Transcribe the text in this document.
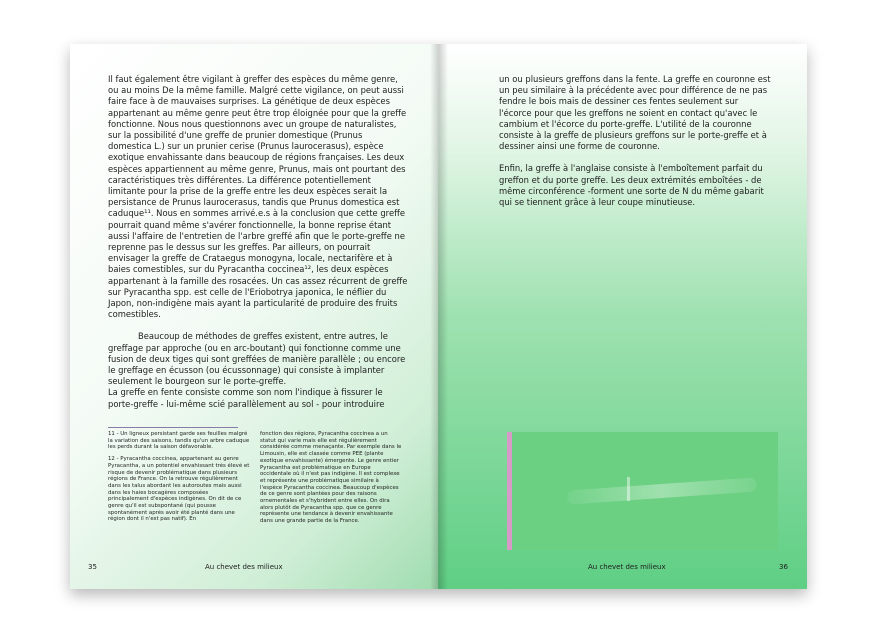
Il faut également être vigilant à greffer des espèces du même genre, ou au moins De la même famille. Malgré cette vigilance, on peut aussi faire face à de mauvaises surprises. La génétique de deux espèces appartenant au même genre peut être trop éloignée pour que la greffe fonctionne. Nous nous questionnons avec un groupe de naturalistes, sur la possibilité d'une greffe de prunier domestique (Prunus domestica L.) sur un prunier cerise (Prunus laurocerasus), espèce exotique envahissante dans beaucoup de régions françaises. Les deux espèces appartiennent au même genre, Prunus, mais ont pourtant des caractéristiques très différentes. La différence potentiellement limitante pour la prise de la greffe entre les deux espèces serait la persistance de Prunus laurocerasus, tandis que Prunus domestica est caduque¹¹. Nous en sommes arrivé.e.s à la conclusion que cette greffe pourrait quand même s'avérer fonctionnelle, la bonne reprise étant aussi l'affaire de l'entretien de l'arbre greffé afin que le porte-greffe ne reprenne pas le dessus sur les greffes. Par ailleurs, on pourrait envisager la greffe de Crataegus monogyna, locale, nectarifère et à baies comestibles, sur du Pyracantha coccinea¹², les deux espèces appartenant à la famille des rosacées. Un cas assez récurrent de greffe sur Pyracantha spp. est celle de l'Eriobotrya japonica, le néflier du Japon, non-indigène mais ayant la particularité de produire des fruits comestibles.

Beaucoup de méthodes de greffes existent, entre autres, le greffage par approche (ou en arc-boutant) qui fonctionne comme une fusion de deux tiges qui sont greffées de manière parallèle ; ou encore le greffage en écusson (ou écussonnage) qui consiste à implanter seulement le bourgeon sur le porte-greffe.

La greffe en fente consiste comme son nom l'indique à fissurer le porte-greffe - lui-même scié parallèlement au sol - pour introduire

11 - Un ligneux persistant garde ses feuilles malgré la variation des saisons, tandis qu'un arbre caduque les perds durant la saison défavorable.

12 - Pyracantha coccinea, appartenant au genre Pyracantha, a un potentiel envahissant très élevé et risque de devenir problématique dans plusieurs régions de France. On la retrouve régulièrement dans les talus abordant les autoroutes mais aussi dans les haies bocagères composées principalement d'espèces indigènes. On dit de ce genre qu'il est subspontané (qui pousse spontanément après avoir été planté dans une région dont il n'est pas natif). En

fonction des régions, Pyracantha coccinea a un statut qui varie mais elle est régulièrement considérée comme menaçante. Par exemple dans le Limousin, elle est classée comme PEE (plante exotique envahissante) émergente. Le genre entier Pyracantha est problématique en Europe occidentale où il n'est pas indigène. Il est complexe et représente une problématique similaire à l'espèce Pyracantha coccinea. Beaucoup d'espèces de ce genre sont plantées pour des raisons ornementales et s'hybrident entre elles. On dira alors plutôt de Pyracantha spp. que ce genre représente une tendance à devenir envahissante dans une grande partie de la France.

35	Au chevet des milieux

un ou plusieurs greffons dans la fente. La greffe en couronne est un peu similaire à la précédente avec pour différence de ne pas fendre le bois mais de dessiner ces fentes seulement sur l'écorce pour que les greffons ne soient en contact qu'avec le cambium et l'écorce du porte-greffe. L'utilité de la couronne consiste à la greffe de plusieurs greffons sur le porte-greffe et à dessiner ainsi une forme de couronne.

Enfin, la greffe à l'anglaise consiste à l'emboîtement parfait du greffon et du porte greffe. Les deux extrémités emboîtées - de même circonférence -forment une sorte de N du même gabarit qui se tiennent grâce à leur coupe minutieuse.

Au chevet des milieux	36
